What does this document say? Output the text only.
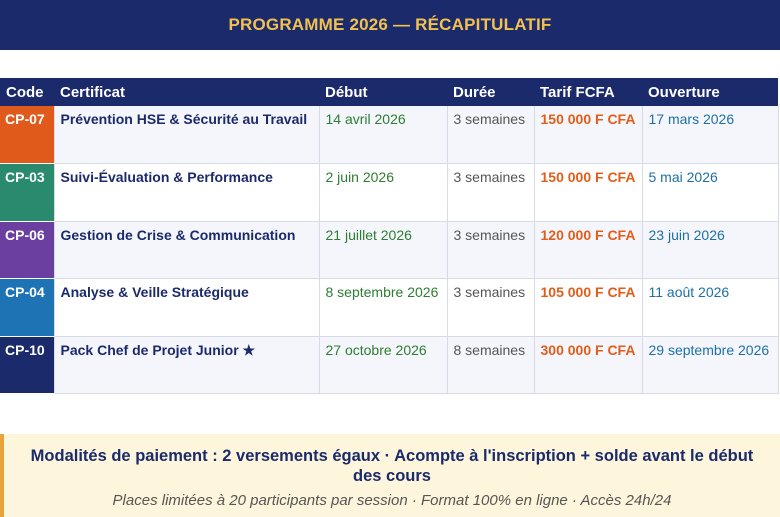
PROGRAMME 2026 — RÉCAPITULATIF
Code	Certificat	Début	Durée	Tarif FCFA	Ouverture
CP-07	Prévention HSE & Sécurité au Travail	14 avril 2026	3 semaines	150 000 F CFA	17 mars 2026
CP-03	Suivi-Évaluation & Performance	2 juin 2026	3 semaines	150 000 F CFA	5 mai 2026
CP-06	Gestion de Crise & Communication	21 juillet 2026	3 semaines	120 000 F CFA	23 juin 2026
CP-04	Analyse & Veille Stratégique	8 septembre 2026	3 semaines	105 000 F CFA	11 août 2026
CP-10	Pack Chef de Projet Junior ★	27 octobre 2026	8 semaines	300 000 F CFA	29 septembre 2026
Modalités de paiement : 2 versements égaux · Acompte à l'inscription + solde avant le début des cours
Places limitées à 20 participants par session · Format 100% en ligne · Accès 24h/24
